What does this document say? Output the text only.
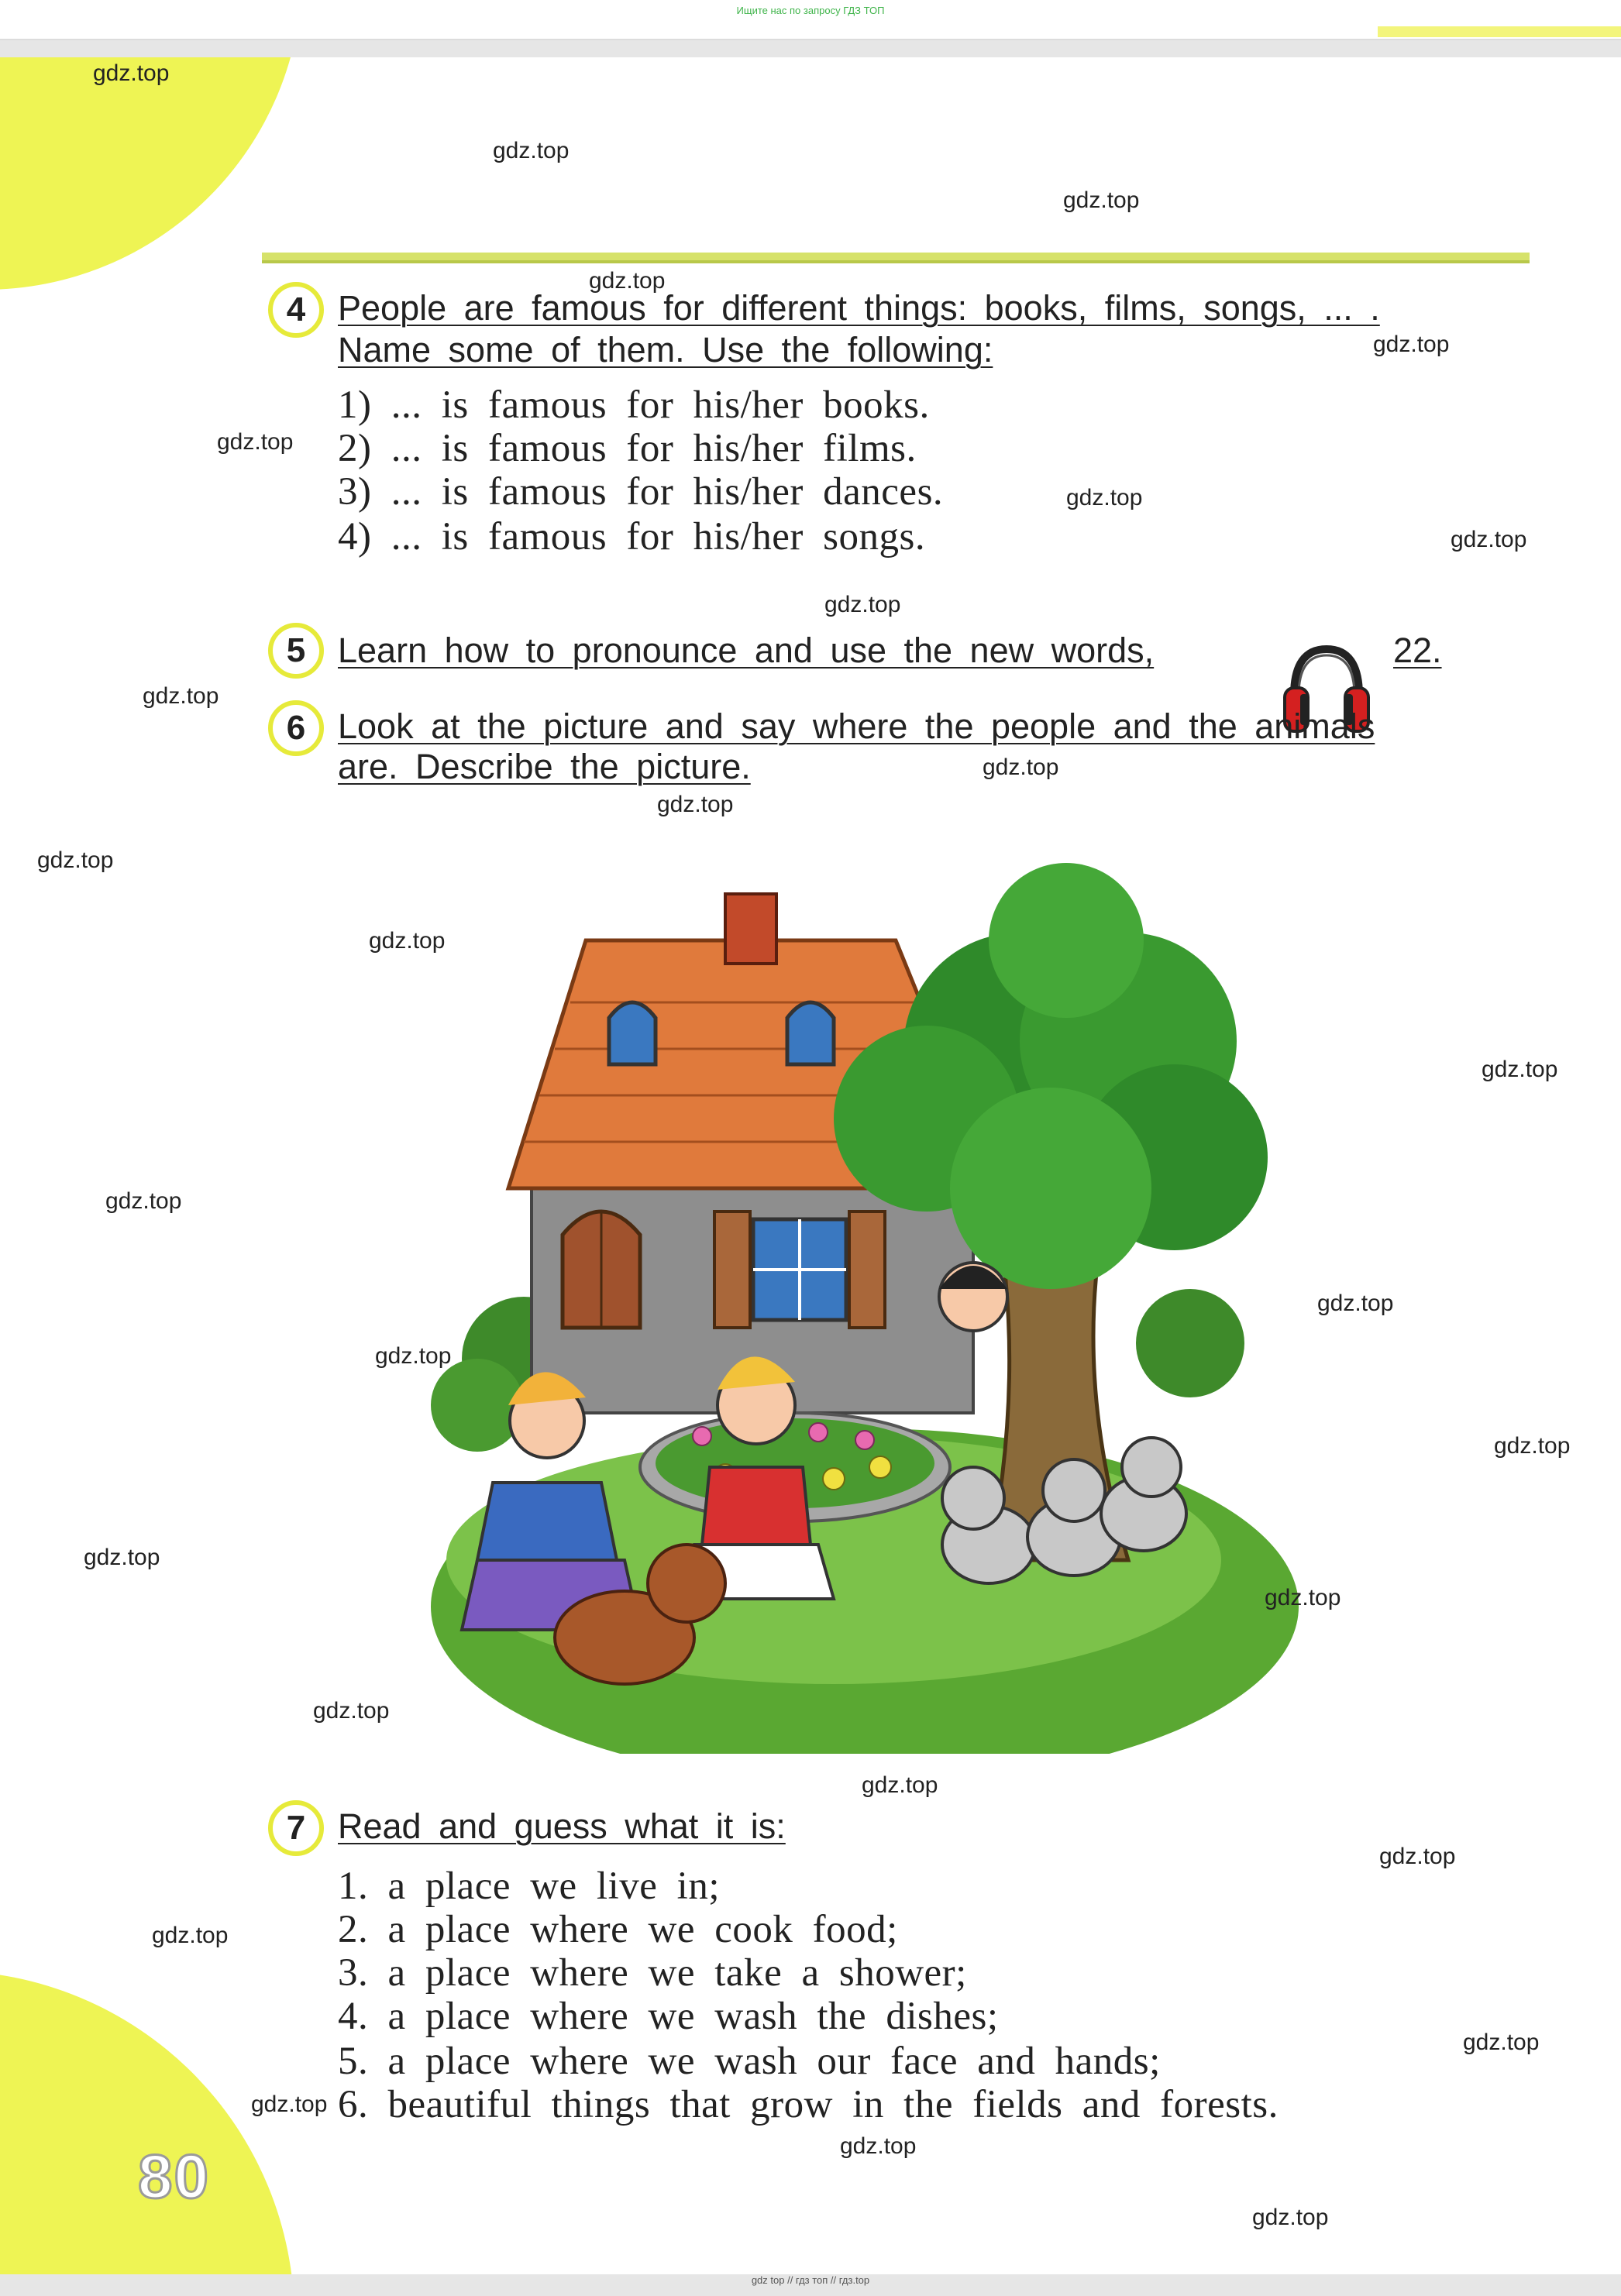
Ищите нас по запросу ГДЗ ТОП
4 People are famous for different things: books, films, songs, ... .
Name some of them. Use the following:
1) ... is famous for his/her books.
2) ... is famous for his/her films.
3) ... is famous for his/her dances.
4) ... is famous for his/her songs.
5 Learn how to pronounce and use the new words,	22.
6 Look at the picture and say where the people and the animals
are. Describe the picture.
7 Read and guess what it is:
1. a place we live in;
2. a place where we cook food;
3. a place where we take a shower;
4. a place where we wash the dishes;
5. a place where we wash our face and hands;
6. beautiful things that grow in the fields and forests.
80
gdz.top
gdz.top
gdz.top
gdz.top
gdz.top
gdz.top
gdz.top
gdz.top
gdz.top
gdz.top
gdz.top
gdz.top
gdz.top
gdz.top
gdz.top
gdz.top
gdz.top
gdz.top
gdz.top
gdz.top
gdz.top
gdz.top
gdz.top
gdz.top
gdz.top
gdz.top
gdz.top
gdz.top
gdz.top
gdz top // гдз топ // гдз.top
